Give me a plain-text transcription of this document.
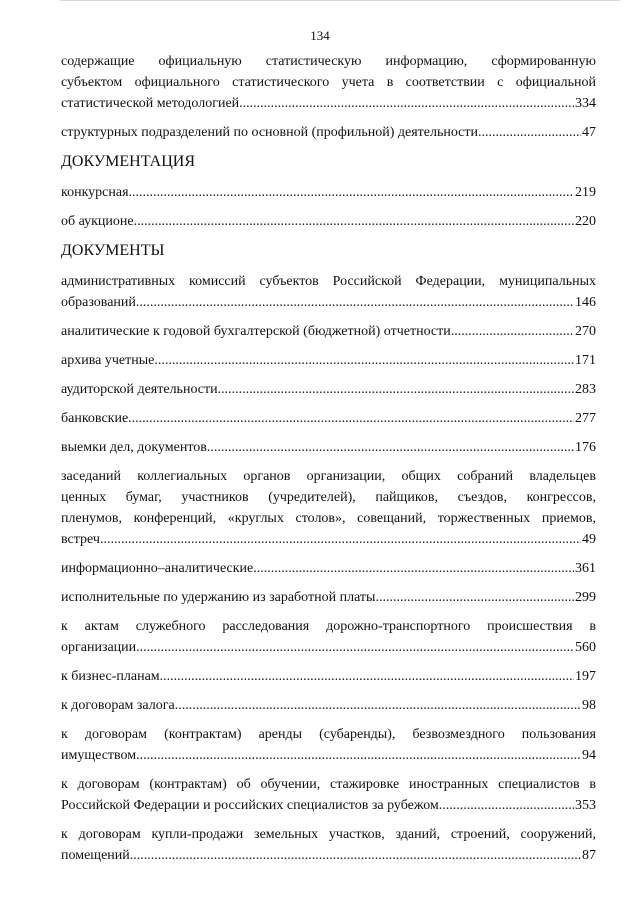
134
содержащие официальную статистическую информацию, сформированную
субъектом официального статистического учета в соответствии с официальной
статистической методологией .....	334
структурных подразделений по основной (профильной) деятельности .....	47
ДОКУМЕНТАЦИЯ
конкурсная .....	219
об аукционе .....	220
ДОКУМЕНТЫ
административных комиссий субъектов Российской Федерации, муниципальных
образований .....	146
аналитические к годовой бухгалтерской (бюджетной) отчетности .....	270
архива учетные .....	171
аудиторской деятельности .....	283
банковские .....	277
выемки дел, документов .....	176
заседаний коллегиальных органов организации, общих собраний владельцев
ценных бумаг, участников (учредителей), пайщиков, съездов, конгрессов,
пленумов, конференций, «круглых столов», совещаний, торжественных приемов,
встреч .....	49
информационно–аналитические .....	361
исполнительные по удержанию из заработной платы .....	299
к актам служебного расследования дорожно-транспортного происшествия в
организации .....	560
к бизнес-планам .....	197
к договорам залога .....	98
к договорам (контрактам) аренды (субаренды), безвозмездного пользования
имуществом .....	94
к договорам (контрактам) об обучении, стажировке иностранных специалистов в
Российской Федерации и российских специалистов за рубежом .....	353
к договорам купли-продажи земельных участков, зданий, строений, сооружений,
помещений .....	87
